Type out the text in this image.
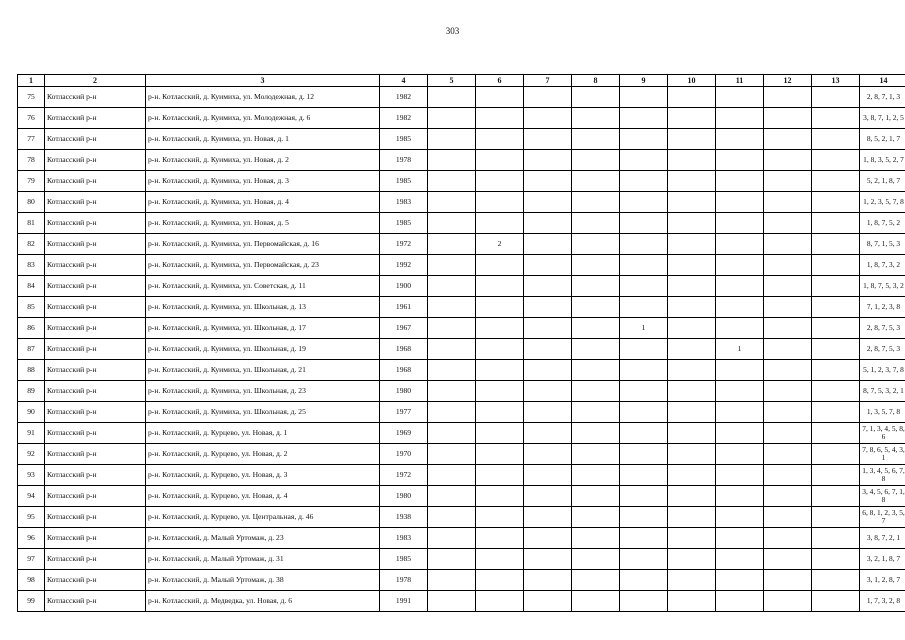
303
1	2	3	4	5	6	7	8	9	10	11	12	13	14
75	Котласский р-н	р-н. Котласский, д. Куимиха, ул. Молодежная, д. 12	1982										2, 8, 7, 1, 3
76	Котласский р-н	р-н. Котласский, д. Куимиха, ул. Молодежная, д. 6	1982										3, 8, 7, 1, 2, 5
77	Котласский р-н	р-н. Котласский, д. Куимиха, ул. Новая, д. 1	1985										8, 5, 2, 1, 7
78	Котласский р-н	р-н. Котласский, д. Куимиха, ул. Новая, д. 2	1978										1, 8, 3, 5, 2, 7
79	Котласский р-н	р-н. Котласский, д. Куимиха, ул. Новая, д. 3	1985										5, 2, 1, 8, 7
80	Котласский р-н	р-н. Котласский, д. Куимиха, ул. Новая, д. 4	1983										1, 2, 3, 5, 7, 8
81	Котласский р-н	р-н. Котласский, д. Куимиха, ул. Новая, д. 5	1985										1, 8, 7, 5, 2
82	Котласский р-н	р-н. Котласский, д. Куимиха, ул. Первомайская, д. 16	1972		2								8, 7, 1, 5, 3
83	Котласский р-н	р-н. Котласский, д. Куимиха, ул. Первомайская, д. 23	1992										1, 8, 7, 3, 2
84	Котласский р-н	р-н. Котласский, д. Куимиха, ул. Советская, д. 11	1900										1, 8, 7, 5, 3, 2
85	Котласский р-н	р-н. Котласский, д. Куимиха, ул. Школьная, д. 13	1961										7, 1, 2, 3, 8
86	Котласский р-н	р-н. Котласский, д. Куимиха, ул. Школьная, д. 17	1967					1					2, 8, 7, 5, 3
87	Котласский р-н	р-н. Котласский, д. Куимиха, ул. Школьная, д. 19	1968							1			2, 8, 7, 5, 3
88	Котласский р-н	р-н. Котласский, д. Куимиха, ул. Школьная, д. 21	1968										5, 1, 2, 3, 7, 8
89	Котласский р-н	р-н. Котласский, д. Куимиха, ул. Школьная, д. 23	1980										8, 7, 5, 3, 2, 1
90	Котласский р-н	р-н. Котласский, д. Куимиха, ул. Школьная, д. 25	1977										1, 3, 5, 7, 8
91	Котласский р-н	р-н. Котласский, д. Курцево, ул. Новая, д. 1	1969										7, 1, 3, 4, 5, 8, 6
92	Котласский р-н	р-н. Котласский, д. Курцево, ул. Новая, д. 2	1970										7, 8, 6, 5, 4, 3, 1
93	Котласский р-н	р-н. Котласский, д. Курцево, ул. Новая, д. 3	1972										1, 3, 4, 5, 6, 7, 8
94	Котласский р-н	р-н. Котласский, д. Курцево, ул. Новая, д. 4	1980										3, 4, 5, 6, 7, 1, 8
95	Котласский р-н	р-н. Котласский, д. Курцево, ул. Центральная, д. 46	1938										6, 8, 1, 2, 3, 5, 7
96	Котласский р-н	р-н. Котласский, д. Малый Уртомаж, д. 23	1983										3, 8, 7, 2, 1
97	Котласский р-н	р-н. Котласский, д. Малый Уртомаж, д. 31	1985										3, 2, 1, 8, 7
98	Котласский р-н	р-н. Котласский, д. Малый Уртомаж, д. 38	1978										3, 1, 2, 8, 7
99	Котласский р-н	р-н. Котласский, д. Медведка, ул. Новая, д. 6	1991										1, 7, 3, 2, 8
